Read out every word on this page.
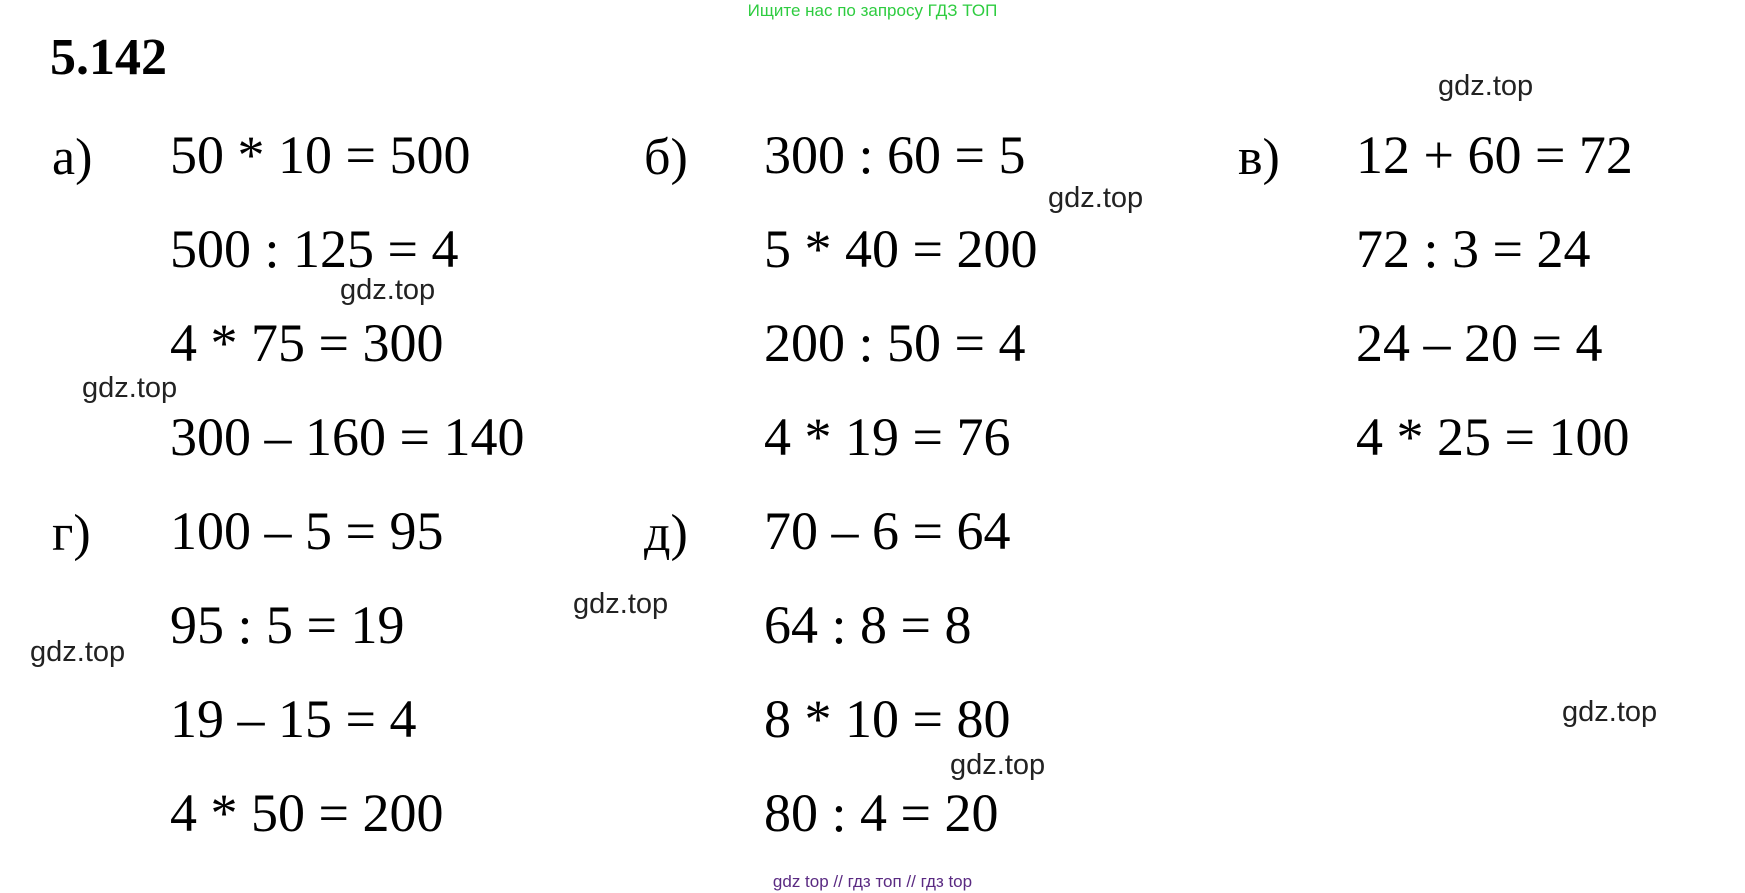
Ищите нас по запросу ГДЗ ТОП
5.142
а) 50 * 10 = 500
500 : 125 = 4
4 * 75 = 300
300 – 160 = 140
б) 300 : 60 = 5
5 * 40 = 200
200 : 50 = 4
4 * 19 = 76
в) 12 + 60 = 72
72 : 3 = 24
24 – 20 = 4
4 * 25 = 100
г) 100 – 5 = 95
95 : 5 = 19
19 – 15 = 4
4 * 50 = 200
д) 70 – 6 = 64
64 : 8 = 8
8 * 10 = 80
80 : 4 = 20
gdz.top
gdz.top
gdz.top
gdz.top
gdz.top
gdz.top
gdz.top
gdz.top
gdz top // гдз топ // гдз top
